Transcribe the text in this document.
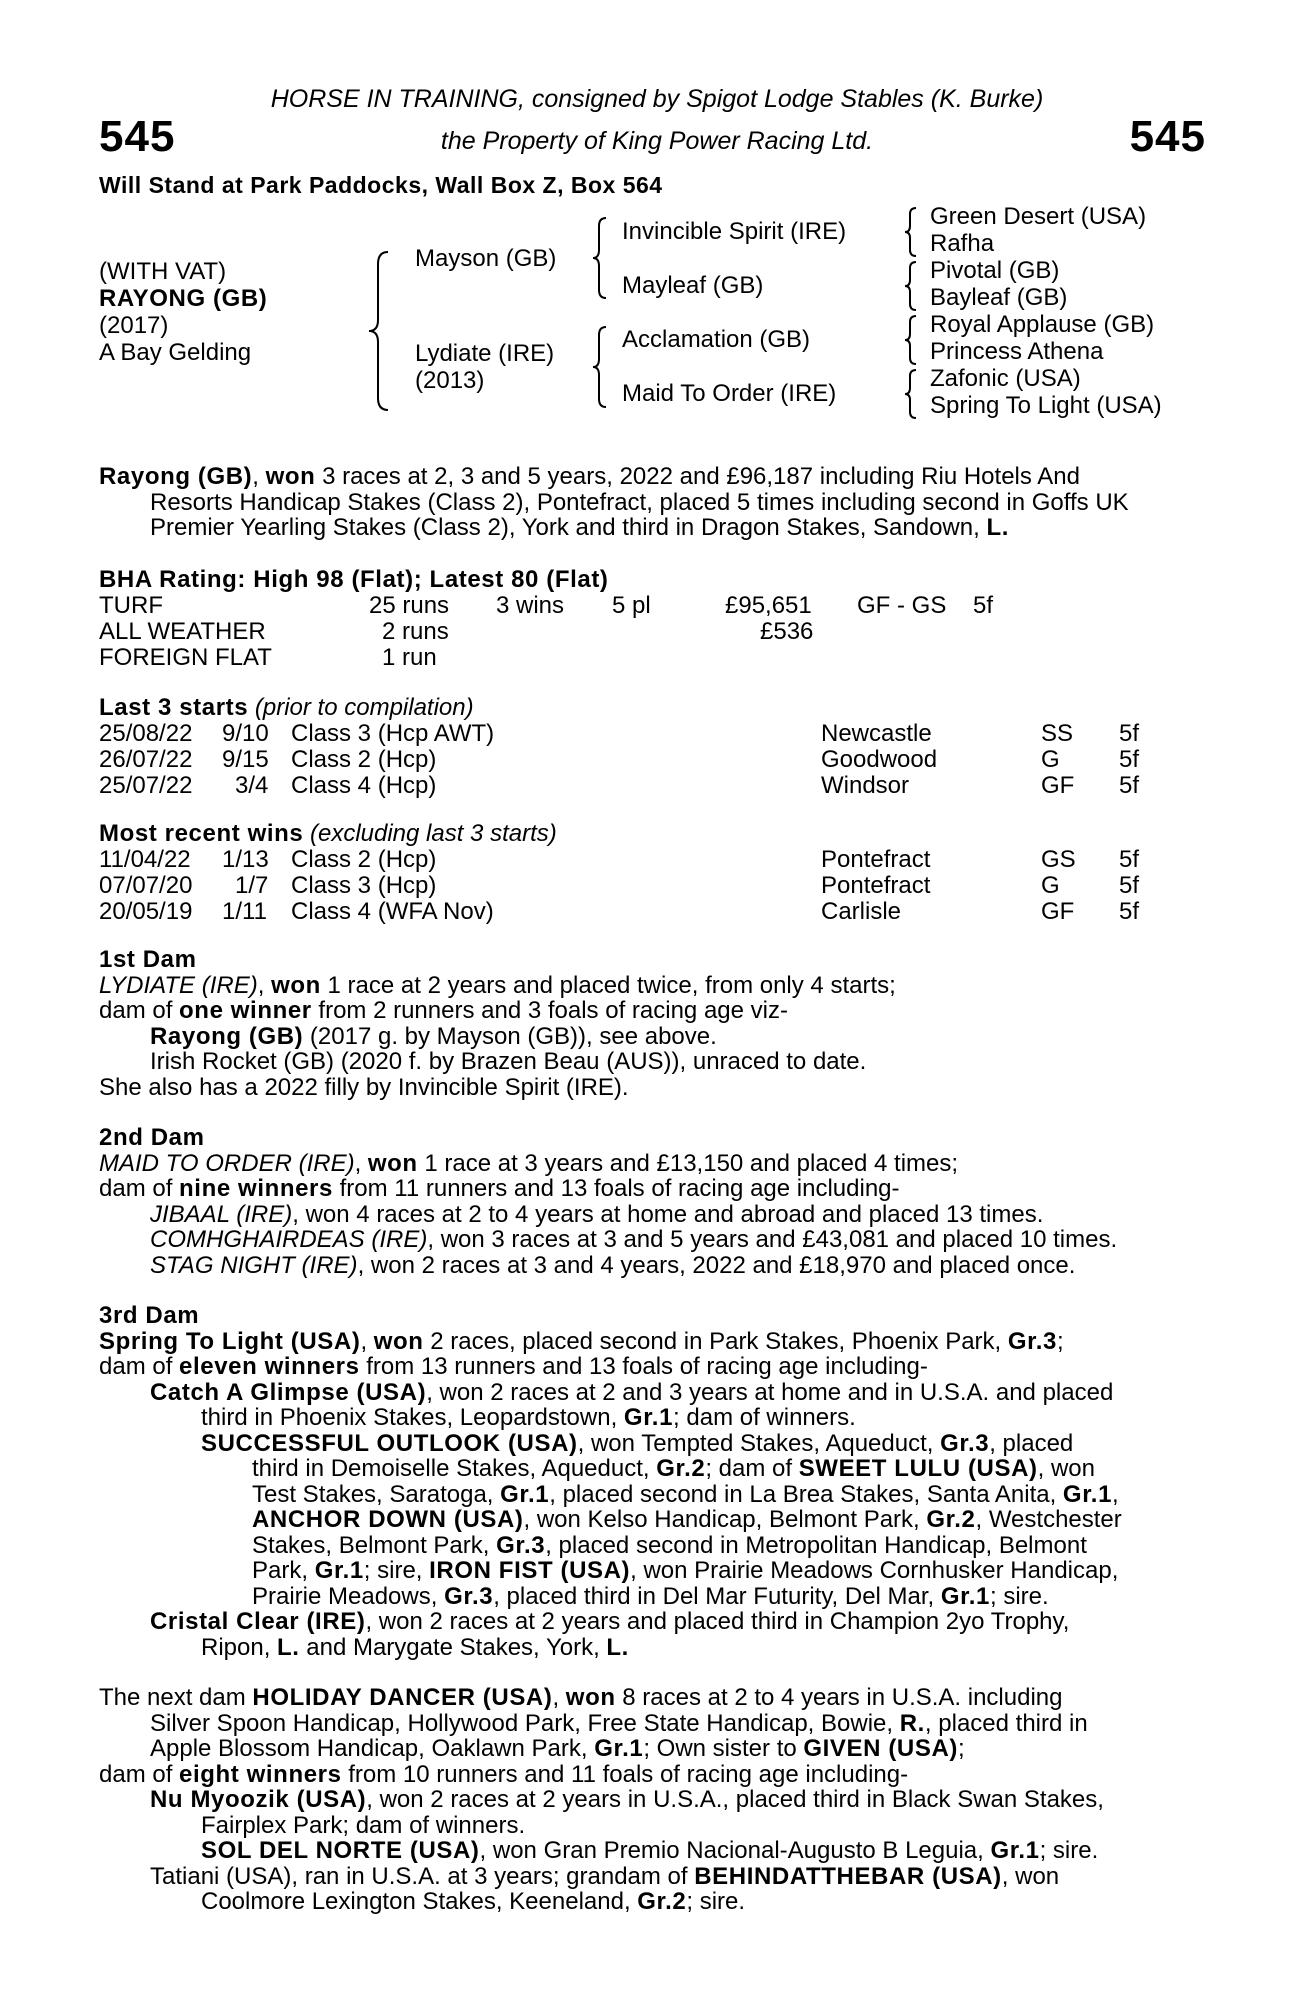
545	545
HORSE IN TRAINING, consigned by Spigot Lodge Stables (K. Burke)
the Property of King Power Racing Ltd.
Will Stand at Park Paddocks, Wall Box Z, Box 564
(WITH VAT)
RAYONG (GB)
(2017)
A Bay Gelding
Mayson (GB)
Lydiate (IRE)
(2013)
Invincible Spirit (IRE)
Mayleaf (GB)
Acclamation (GB)
Maid To Order (IRE)
Green Desert (USA)
Rafha
Pivotal (GB)
Bayleaf (GB)
Royal Applause (GB)
Princess Athena
Zafonic (USA)
Spring To Light (USA)
Rayong (GB), won 3 races at 2, 3 and 5 years, 2022 and £96,187 including Riu Hotels And
Resorts Handicap Stakes (Class 2), Pontefract, placed 5 times including second in Goffs UK
Premier Yearling Stakes (Class 2), York and third in Dragon Stakes, Sandown, L.
BHA Rating: High 98 (Flat); Latest 80 (Flat)
TURF	25 runs 3 wins 5 pl	£95,651 GF - GS 5f
ALL WEATHER	2 runs	£536
FOREIGN FLAT	1 run
Last 3 starts (prior to compilation)
25/08/22 9/10 Class 3 (Hcp AWT)	Newcastle	SS 5f
26/07/22 9/15 Class 2 (Hcp)	Goodwood	G 5f
25/07/22 3/4 Class 4 (Hcp)	Windsor	GF 5f
Most recent wins (excluding last 3 starts)
11/04/22 1/13 Class 2 (Hcp)	Pontefract	GS 5f
07/07/20 1/7 Class 3 (Hcp)	Pontefract	G 5f
20/05/19 1/11 Class 4 (WFA Nov)	Carlisle	GF 5f
1st Dam
LYDIATE (IRE), won 1 race at 2 years and placed twice, from only 4 starts;
dam of one winner from 2 runners and 3 foals of racing age viz-
Rayong (GB) (2017 g. by Mayson (GB)), see above.
Irish Rocket (GB) (2020 f. by Brazen Beau (AUS)), unraced to date.
She also has a 2022 filly by Invincible Spirit (IRE).
2nd Dam
MAID TO ORDER (IRE), won 1 race at 3 years and £13,150 and placed 4 times;
dam of nine winners from 11 runners and 13 foals of racing age including-
JIBAAL (IRE), won 4 races at 2 to 4 years at home and abroad and placed 13 times.
COMHGHAIRDEAS (IRE), won 3 races at 3 and 5 years and £43,081 and placed 10 times.
STAG NIGHT (IRE), won 2 races at 3 and 4 years, 2022 and £18,970 and placed once.
3rd Dam
Spring To Light (USA), won 2 races, placed second in Park Stakes, Phoenix Park, Gr.3;
dam of eleven winners from 13 runners and 13 foals of racing age including-
Catch A Glimpse (USA), won 2 races at 2 and 3 years at home and in U.S.A. and placed
third in Phoenix Stakes, Leopardstown, Gr.1; dam of winners.
SUCCESSFUL OUTLOOK (USA), won Tempted Stakes, Aqueduct, Gr.3, placed
third in Demoiselle Stakes, Aqueduct, Gr.2; dam of SWEET LULU (USA), won
Test Stakes, Saratoga, Gr.1, placed second in La Brea Stakes, Santa Anita, Gr.1,
ANCHOR DOWN (USA), won Kelso Handicap, Belmont Park, Gr.2, Westchester
Stakes, Belmont Park, Gr.3, placed second in Metropolitan Handicap, Belmont
Park, Gr.1; sire, IRON FIST (USA), won Prairie Meadows Cornhusker Handicap,
Prairie Meadows, Gr.3, placed third in Del Mar Futurity, Del Mar, Gr.1; sire.
Cristal Clear (IRE), won 2 races at 2 years and placed third in Champion 2yo Trophy,
Ripon, L. and Marygate Stakes, York, L.
The next dam HOLIDAY DANCER (USA), won 8 races at 2 to 4 years in U.S.A. including
Silver Spoon Handicap, Hollywood Park, Free State Handicap, Bowie, R., placed third in
Apple Blossom Handicap, Oaklawn Park, Gr.1; Own sister to GIVEN (USA);
dam of eight winners from 10 runners and 11 foals of racing age including-
Nu Myoozik (USA), won 2 races at 2 years in U.S.A., placed third in Black Swan Stakes,
Fairplex Park; dam of winners.
SOL DEL NORTE (USA), won Gran Premio Nacional-Augusto B Leguia, Gr.1; sire.
Tatiani (USA), ran in U.S.A. at 3 years; grandam of BEHINDATTHEBAR (USA), won
Coolmore Lexington Stakes, Keeneland, Gr.2; sire.
